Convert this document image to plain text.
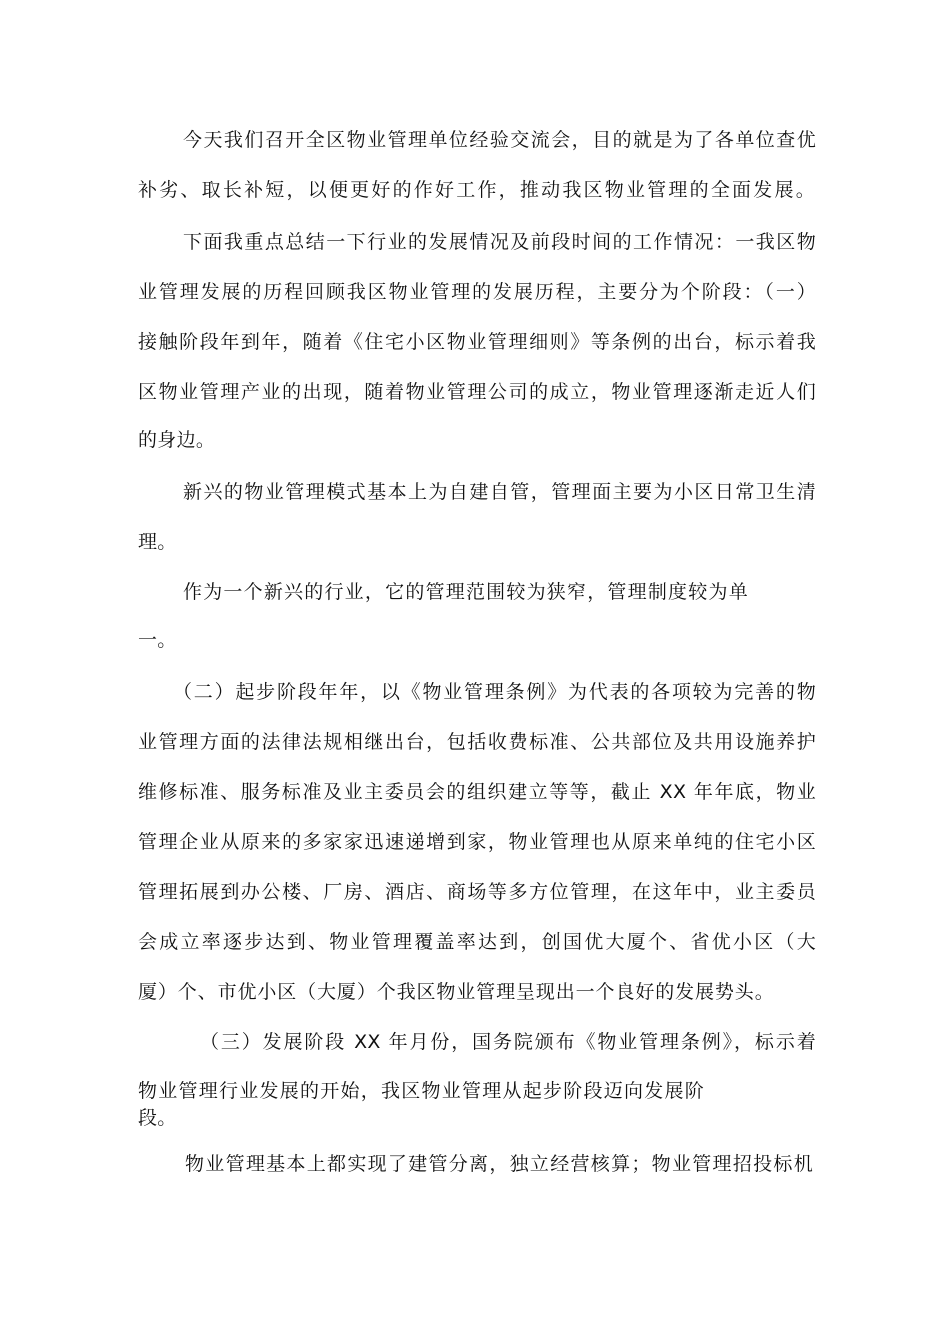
今天我们召开全区物业管理单位经验交流会，目的就是为了各单位查优
补劣、取长补短，以便更好的作好工作，推动我区物业管理的全面发展。
下面我重点总结一下行业的发展情况及前段时间的工作情况：一我区物
业管理发展的历程回顾我区物业管理的发展历程，主要分为个阶段：（一）
接触阶段年到年，随着《住宅小区物业管理细则》等条例的出台，标示着我
区物业管理产业的出现，随着物业管理公司的成立，物业管理逐渐走近人们
的身边。
新兴的物业管理模式基本上为自建自管，管理面主要为小区日常卫生清
理。
作为一个新兴的行业，它的管理范围较为狭窄，管理制度较为单
一。
（二）起步阶段年年，以《物业管理条例》为代表的各项较为完善的物
业管理方面的法律法规相继出台，包括收费标准、公共部位及共用设施养护
维修标准、服务标准及业主委员会的组织建立等等，截止 XX 年年底，物业
管理企业从原来的多家家迅速递增到家，物业管理也从原来单纯的住宅小区
管理拓展到办公楼、厂房、酒店、商场等多方位管理，在这年中，业主委员
会成立率逐步达到、物业管理覆盖率达到，创国优大厦个、省优小区（大
厦）个、市优小区（大厦）个我区物业管理呈现出一个良好的发展势头。
（三）发展阶段 XX 年月份，国务院颁布《物业管理条例》，标示着
物业管理行业发展的开始，我区物业管理从起步阶段迈向发展阶
段。
物业管理基本上都实现了建管分离，独立经营核算；物业管理招投标机
